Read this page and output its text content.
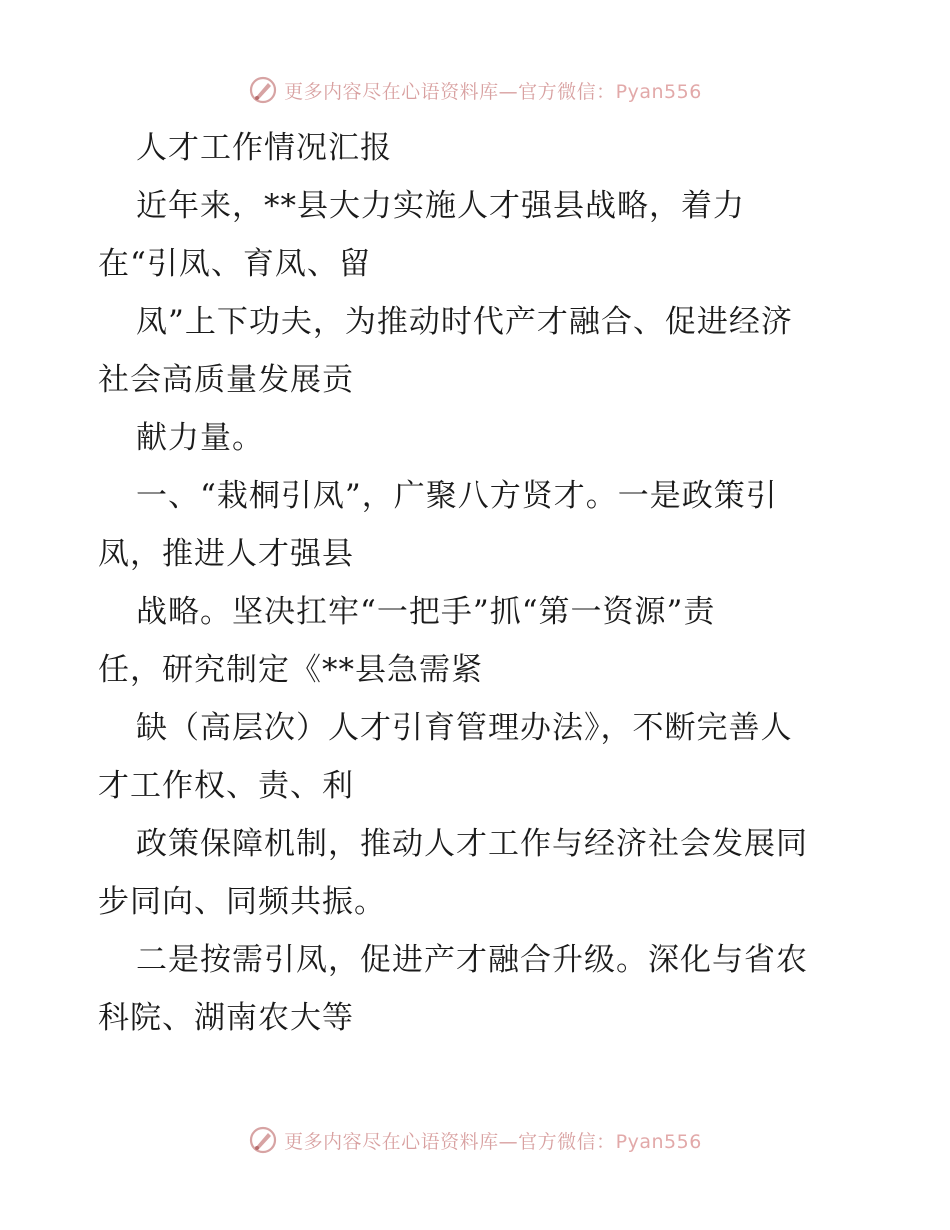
更多内容尽在心语资料库—官方微信：Pyan556
人才工作情况汇报
近年来，**县大力实施人才强县战略，着力
在“引凤、育凤、留
凤”上下功夫，为推动时代产才融合、促进经济
社会高质量发展贡
献力量。
一、“栽桐引凤”，广聚八方贤才。一是政策引
凤，推进人才强县
战略。坚决扛牢“一把手”抓“第一资源”责
任，研究制定《**县急需紧
缺（高层次）人才引育管理办法》，不断完善人
才工作权、责、利
政策保障机制，推动人才工作与经济社会发展同
步同向、同频共振。
二是按需引凤，促进产才融合升级。深化与省农
科院、湖南农大等
更多内容尽在心语资料库—官方微信：Pyan556
